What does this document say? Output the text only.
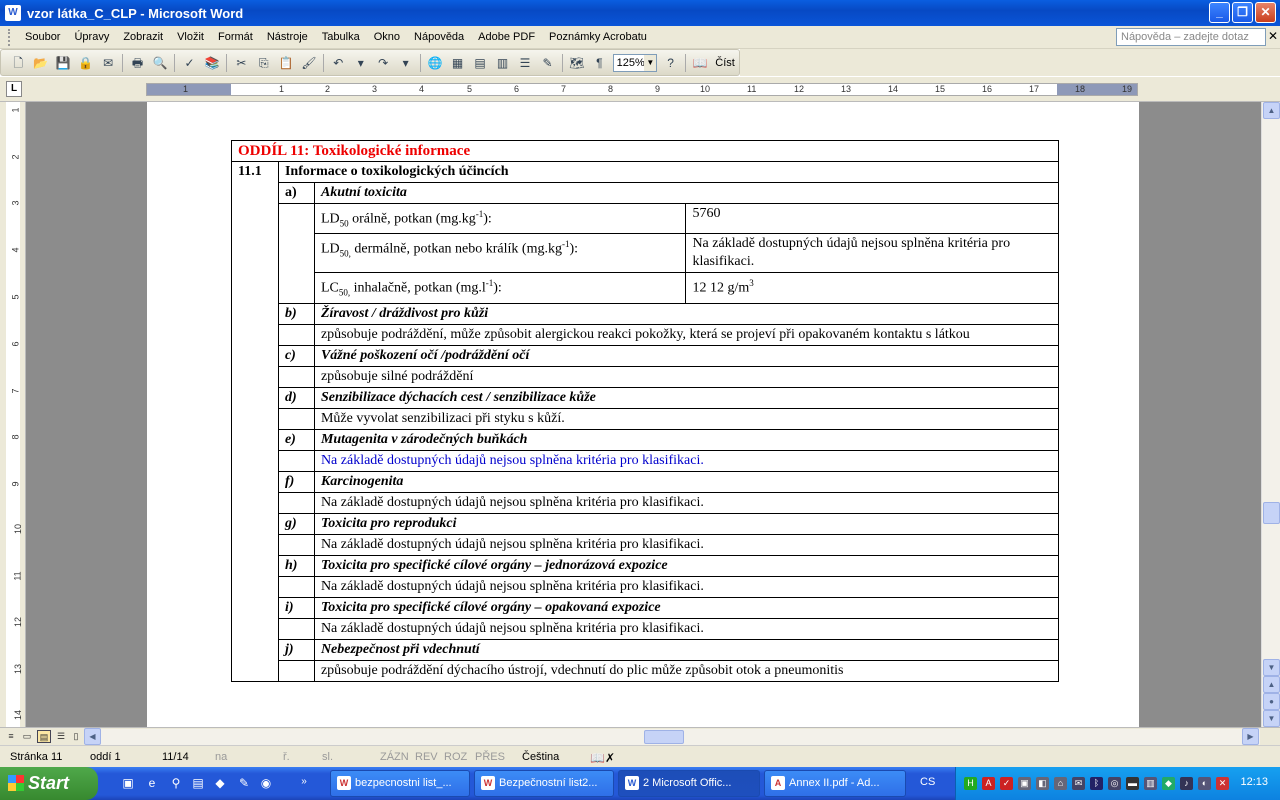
W vzor látka_C_CLP - Microsoft Word	_	❐	✕
Soubor	Úpravy	Zobrazit	Vložit	Formát	Nástroje	Tabulka	Okno	Nápověda	Adobe PDF	Poznámky Acrobatu	Nápověda – zadejte dotaz	✕
🗋 📂 💾 🔒 ✉	🖶 🔍	✓ 📚	✂	⎘ 📋 🖌	↶	▾	↷	▾	🌐 ▦ ▤ ▥ ☰	✎	🗺 ¶	125% ▼	?	📖 Číst
L	1	1	2	3	4	5	6	7	8	9	10	11	12	13	14	15	16	17	18	19
1
2
3
4
5
6
7
8
9
10
11
12
13
14
ODDÍL 11: Toxikologické informace			
11.1	Informace o toxikologických účincích		
	a)	Akutní toxicita	
		$LD_{50}$ orálně, potkan $(mg.kg^{-1})$:	5760
		$LD_{50,}$ dermálně, potkan nebo králík $(mg.kg^{-1})$:	Na základě dostupných údajů nejsou splněna kritéria pro klasifikaci.
		$LC_{50,}$ inhalačně, potkan $(mg.l^{-1})$:	12 12 $g/m^3$
	b)	Žíravost / dráždivost pro kůži	
		způsobuje podráždění, může způsobit alergickou reakci pokožky, která se projeví při opakovaném kontaktu s látkou	
	c)	Vážné poškození očí /podráždění očí	
		způsobuje silné podráždění	
	d)	Senzibilizace dýchacích cest / senzibilizace kůže	
		Může vyvolat senzibilizaci při styku s kůží.	
	e)	Mutagenita v zárodečných buňkách	
		Na základě dostupných údajů nejsou splněna kritéria pro klasifikaci.	
	f)	Karcinogenita	
		Na základě dostupných údajů nejsou splněna kritéria pro klasifikaci.	
	g)	Toxicita pro reprodukci	
		Na základě dostupných údajů nejsou splněna kritéria pro klasifikaci.	
	h)	Toxicita pro specifické cílové orgány – jednorázová expozice	
		Na základě dostupných údajů nejsou splněna kritéria pro klasifikaci.	
	i)	Toxicita pro specifické cílové orgány – opakovaná expozice	
		Na základě dostupných údajů nejsou splněna kritéria pro klasifikaci.	
	j)	Nebezpečnost při vdechnutí	
		způsobuje podráždění dýchacího ústrojí, vdechnutí do plic může způsobit otok a pneumonitis	
▲
▼
▲
●
▼
≡	▭ ▤ ☰ ▯	◀	▶
Stránka 11	oddí 1	11/14 na	ř.	sl.	ZÁZN REV ROZ PŘES Čeština	📖✗
Start	▣	e	⚲ ▤ ◆ ✎ ◉	»	W bezpecnostni list_...	W Bezpečnostní list2...	W 2 Microsoft Offic...	A Annex II.pdf - Ad...	CS	H	A	✓	▣ ◧	⌂	✉	ᛒ	◎ ▬ ▥	◆	♪	◐	✕ 12:13
